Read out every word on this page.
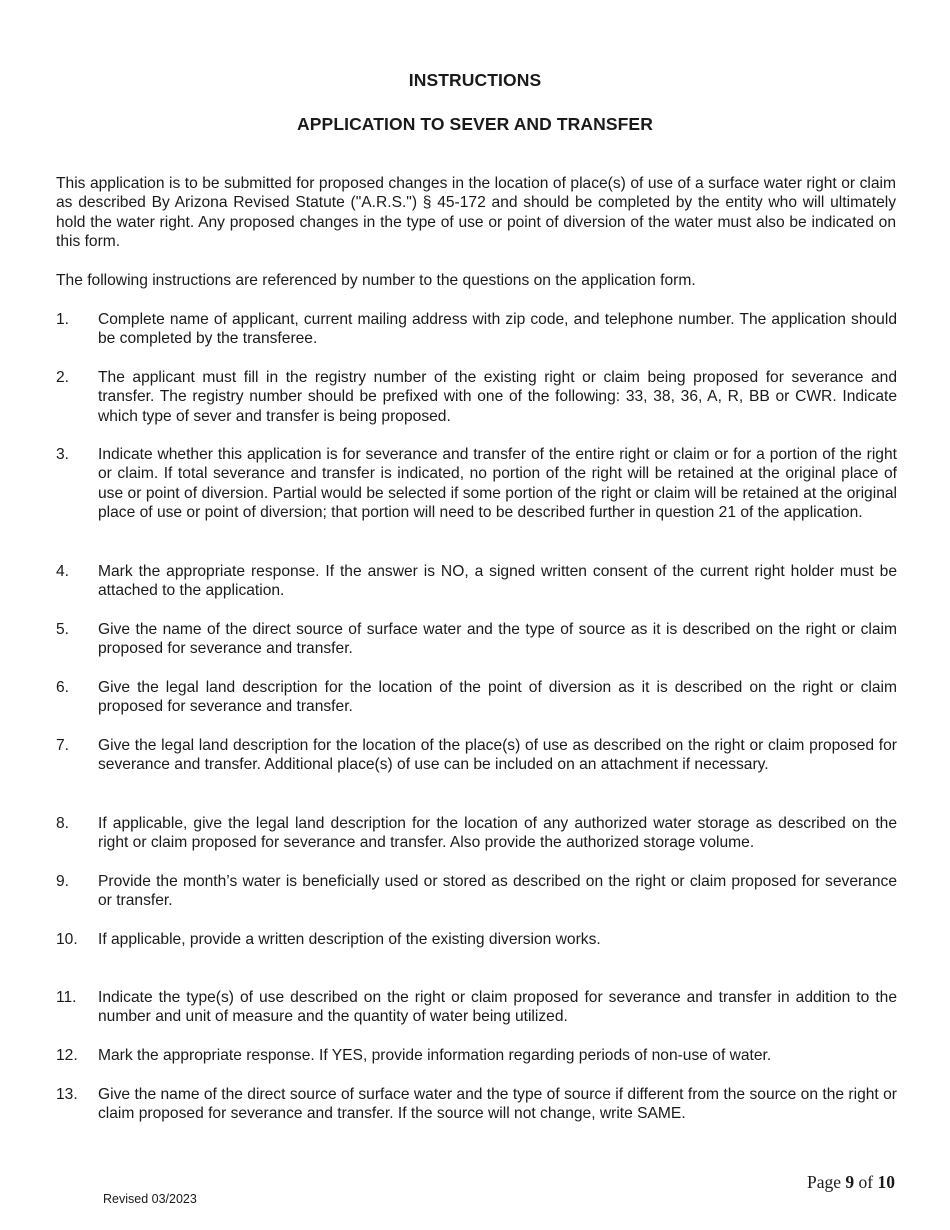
INSTRUCTIONS
APPLICATION TO SEVER AND TRANSFER
This application is to be submitted for proposed changes in the location of place(s) of use of a surface water right or claim as described By Arizona Revised Statute ("A.R.S.") § 45-172 and should be completed by the entity who will ultimately hold the water right. Any proposed changes in the type of use or point of diversion of the water must also be indicated on this form.
The following instructions are referenced by number to the questions on the application form.
1.	Complete name of applicant, current mailing address with zip code, and telephone number. The application should be completed by the transferee.
2.	The applicant must fill in the registry number of the existing right or claim being proposed for severance and transfer. The registry number should be prefixed with one of the following: 33, 38, 36, A, R, BB or CWR. Indicate which type of sever and transfer is being proposed.
3.	Indicate whether this application is for severance and transfer of the entire right or claim or for a portion of the right or claim. If total severance and transfer is indicated, no portion of the right will be retained at the original place of use or point of diversion. Partial would be selected if some portion of the right or claim will be retained at the original place of use or point of diversion; that portion will need to be described further in question 21 of the application.
4.	Mark the appropriate response. If the answer is NO, a signed written consent of the current right holder must be attached to the application.
5.	Give the name of the direct source of surface water and the type of source as it is described on the right or claim proposed for severance and transfer.
6.	Give the legal land description for the location of the point of diversion as it is described on the right or claim proposed for severance and transfer.
7.	Give the legal land description for the location of the place(s) of use as described on the right or claim proposed for severance and transfer. Additional place(s) of use can be included on an attachment if necessary.
8.	If applicable, give the legal land description for the location of any authorized water storage as described on the right or claim proposed for severance and transfer. Also provide the authorized storage volume.
9.	Provide the month’s water is beneficially used or stored as described on the right or claim proposed for severance or transfer.
10.	If applicable, provide a written description of the existing diversion works.
11.	Indicate the type(s) of use described on the right or claim proposed for severance and transfer in addition to the number and unit of measure and the quantity of water being utilized.
12.	Mark the appropriate response. If YES, provide information regarding periods of non-use of water.
13.	Give the name of the direct source of surface water and the type of source if different from the source on the right or claim proposed for severance and transfer. If the source will not change, write SAME.
Page 9 of 10
Revised 03/2023
